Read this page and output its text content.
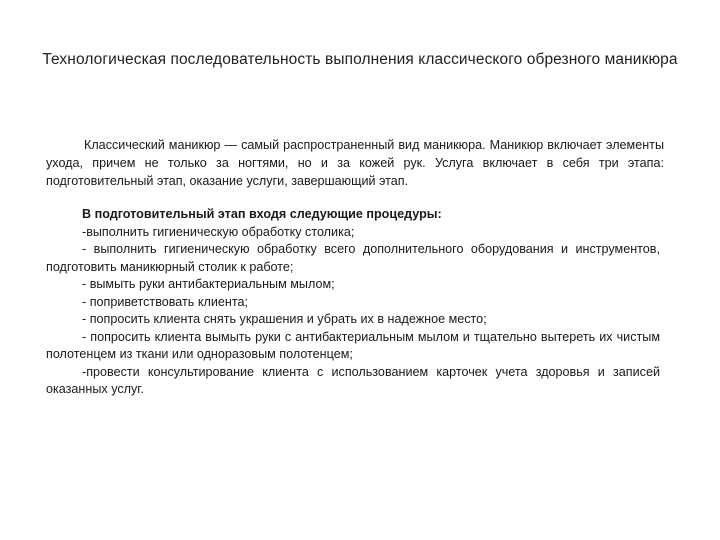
Технологическая последовательность выполнения классического обрезного маникюра

Классический маникюр — самый распространенный вид маникюра. Маникюр включает элементы ухода, причем не только за ногтями, но и за кожей рук. Услуга включает в себя три этапа: подготовительный этап, оказание услуги, завершающий этап.

В подготовительный этап входя следующие процедуры:

-выполнить гигиеническую обработку столика;

- выполнить гигиеническую обработку всего дополнительного оборудования и инструментов, подготовить маникюрный столик к работе;

- вымыть руки антибактериальным мылом;

- поприветствовать клиента;

- попросить клиента снять украшения и убрать их в надежное место;

- попросить клиента вымыть руки с антибактериальным мылом и тщательно вытереть их чистым полотенцем из ткани или одноразовым полотенцем;

-провести консультирование клиента с использованием карточек учета здоровья и записей оказанных услуг.
